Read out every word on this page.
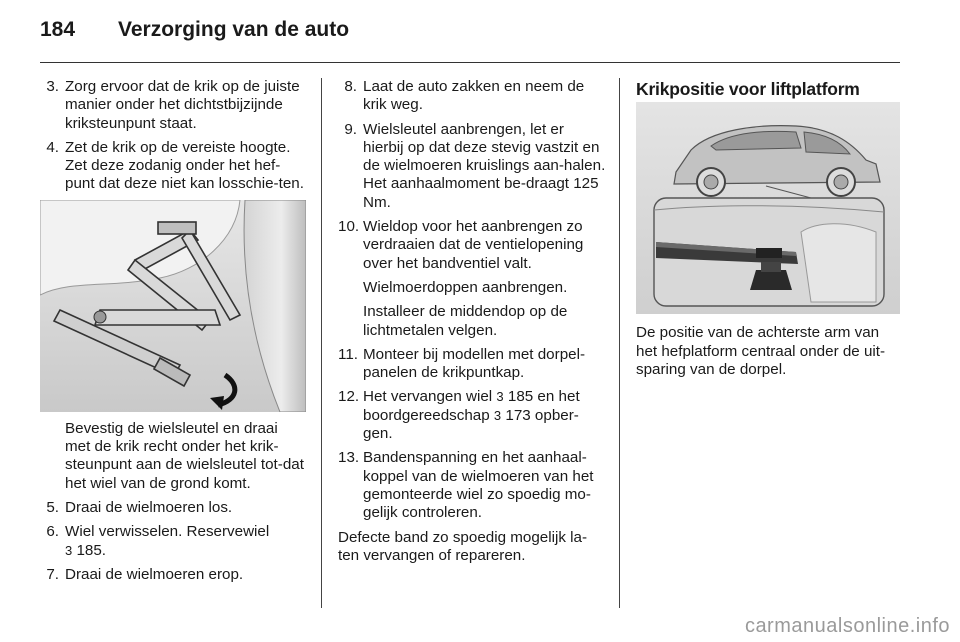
184	Verzorging van de auto
3. Zorg ervoor dat de krik op de juiste manier onder het dichtstbijzijnde kriksteunpunt staat.
4. Zet de krik op de vereiste hoogte. Zet deze zodanig onder het hef-punt dat deze niet kan losschie-ten.
Bevestig de wielsleutel en draai met de krik recht onder het krik-steunpunt aan de wielsleutel tot-dat het wiel van de grond komt.
5. Draai de wielmoeren los.
6. Wiel verwisselen. Reservewiel
3 185.
7. Draai de wielmoeren erop.
8. Laat de auto zakken en neem de krik weg.
9. Wielsleutel aanbrengen, let er hierbij op dat deze stevig vastzit en de wielmoeren kruislings aan-halen. Het aanhaalmoment be-draagt 125 Nm.
10. Wieldop voor het aanbrengen zo verdraaien dat de ventielopening over het bandventiel valt.
Wielmoerdoppen aanbrengen.
Installeer de middendop op de lichtmetalen velgen.
11. Monteer bij modellen met dorpel-panelen de krikpuntkap.
12. Het vervangen wiel 3 185 en het boordgereedschap 3 173 opber-gen.
13. Bandenspanning en het aanhaal-koppel van de wielmoeren van het gemonteerde wiel zo spoedig mo-gelijk controleren.
Defecte band zo spoedig mogelijk la-ten vervangen of repareren.
Krikpositie voor liftplatform
De positie van de achterste arm van het hefplatform centraal onder de uit-sparing van de dorpel.
carmanualsonline.info
